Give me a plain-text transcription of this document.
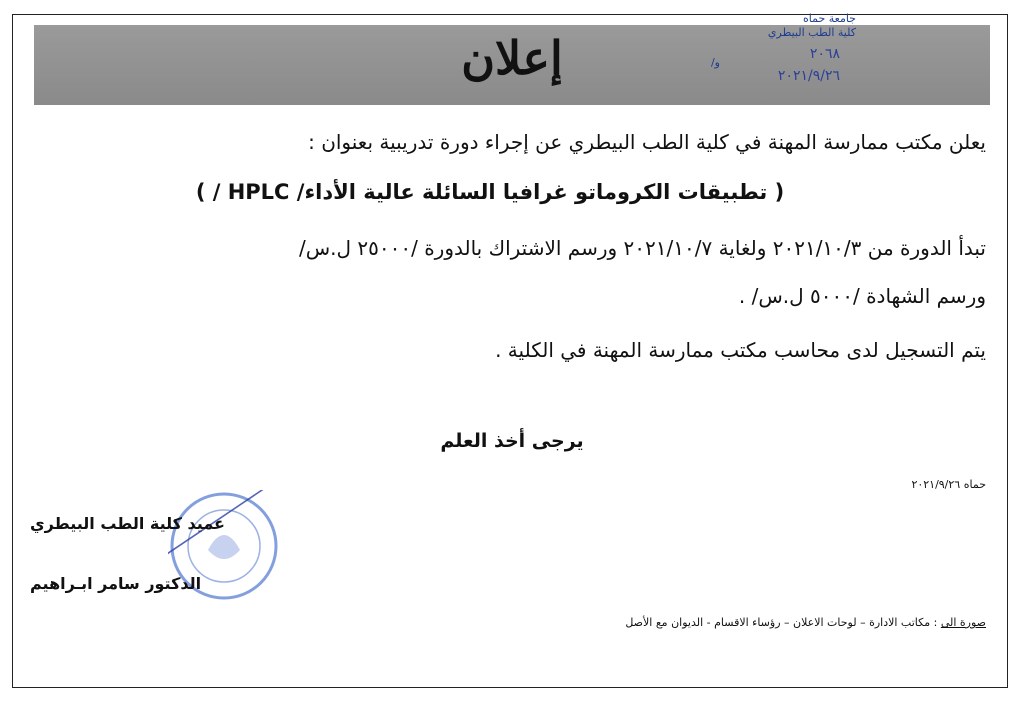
إعلان
جامعة حماه
كلية الطب البيطري
٢٠٦٨
و/
٢٠٢١/٩/٢٦
يعلن مكتب ممارسة المهنة في كلية الطب البيطري عن إجراء دورة تدريبية بعنوان :
( تطبيقات الكروماتو غرافيا السائلة عالية الأداء/ HPLC / )
تبدأ الدورة من ٢٠٢١/١٠/٣ ولغاية ٢٠٢١/١٠/٧ ورسم الاشتراك بالدورة /٢٥٠٠٠ ل.س/
ورسم الشهادة /٥٠٠٠ ل.س/ .
يتم التسجيل لدى محاسب مكتب ممارسة المهنة في الكلية .
يرجى أخذ العلم
حماه ٢٠٢١/٩/٢٦
عميد كلية الطب البيطري
الدكتور سامر ابـراهيم
صورة الى : مكاتب الادارة – لوحات الاعلان – رؤساء الاقسام - الديوان مع الأصل
